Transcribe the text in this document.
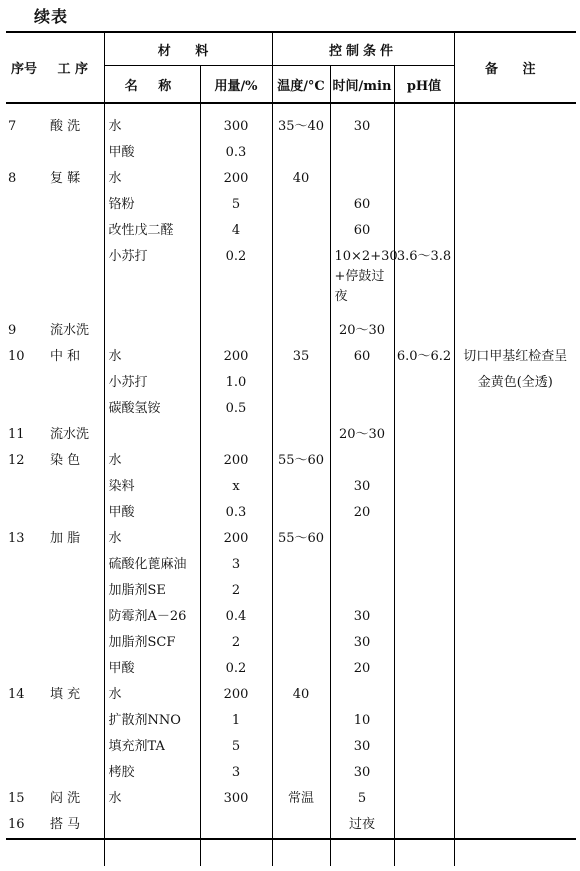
续表
序号	工 序	材 料		控制条件			备 注
		名 称	用量/%	温度/°C	时间/min	pH值	

7	酸 洗	水	300	35～40	30		
		甲酸	0.3				
8	复 鞣	水	200	40			
		铬粉	5		60		
		改性戊二醛	4		60		
		小苏打	0.2		10×2+30 +停鼓过夜	3.6～3.8	
9	流水洗				20～30		
10	中 和	水	200	35	60	6.0～6.2	切口甲基红检查呈金黄色(全透)
		小苏打	1.0				
		碳酸氢铵	0.5				
11	流水洗				20～30		
12	染 色	水	200	55～60			
		染料	x		30		
		甲酸	0.3		20		
13	加 脂	水	200	55～60			
		硫酸化蓖麻油	3				
		加脂剂SE	2				
		防霉剂A－26	0.4		30		
		加脂剂SCF	2		30		
		甲酸	0.2		20		
14	填 充	水	200	40			
		扩散剂NNO	1		10		
		填充剂TA	5		30		
		栲胶	3		30		
15	闷 洗	水	300	常温	5		
16	搭 马				过夜		
